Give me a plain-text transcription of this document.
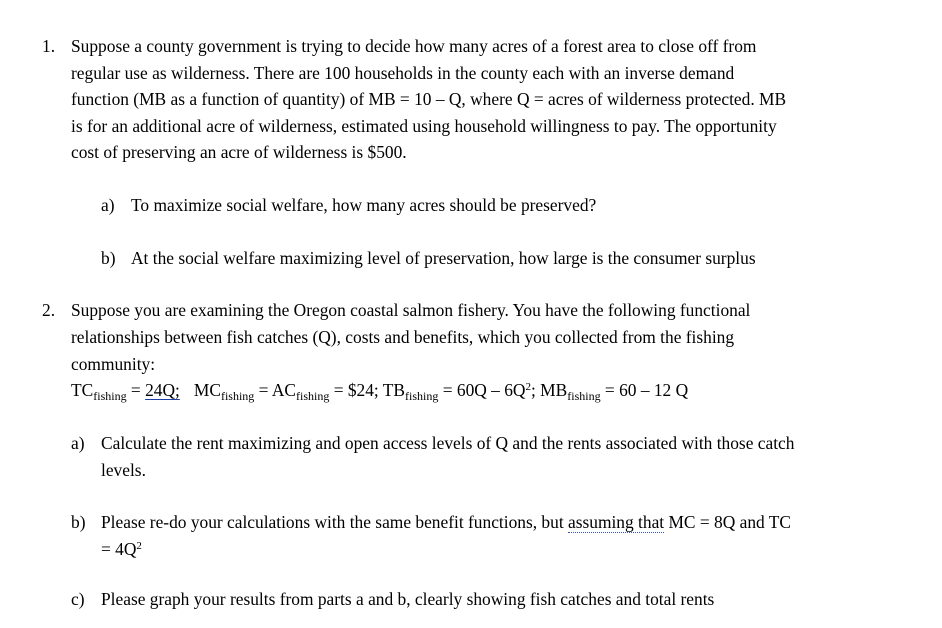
1. Suppose a county government is trying to decide how many acres of a forest area to close off from
regular use as wilderness. There are 100 households in the county each with an inverse demand
function (MB as a function of quantity) of MB = 10 – Q, where Q = acres of wilderness protected. MB
is for an additional acre of wilderness, estimated using household willingness to pay. The opportunity
cost of preserving an acre of wilderness is $500.
a) To maximize social welfare, how many acres should be preserved?
b) At the social welfare maximizing level of preservation, how large is the consumer surplus
2. Suppose you are examining the Oregon coastal salmon fishery. You have the following functional
relationships between fish catches (Q), costs and benefits, which you collected from the fishing
community:
$TC_{fishing} = 24Q$; $MC_{fishing} = AC_{fishing}$ = $24; $TB_{fishing} = 60Q - 6Q^2$; $MB_{fishing} = 60 - 12$ Q
a) Calculate the rent maximizing and open access levels of Q and the rents associated with those catch
levels.
b) Please re-do your calculations with the same benefit functions, but assuming that MC = 8Q and TC
= $4Q^2$
c) Please graph your results from parts a and b, clearly showing fish catches and total rents
